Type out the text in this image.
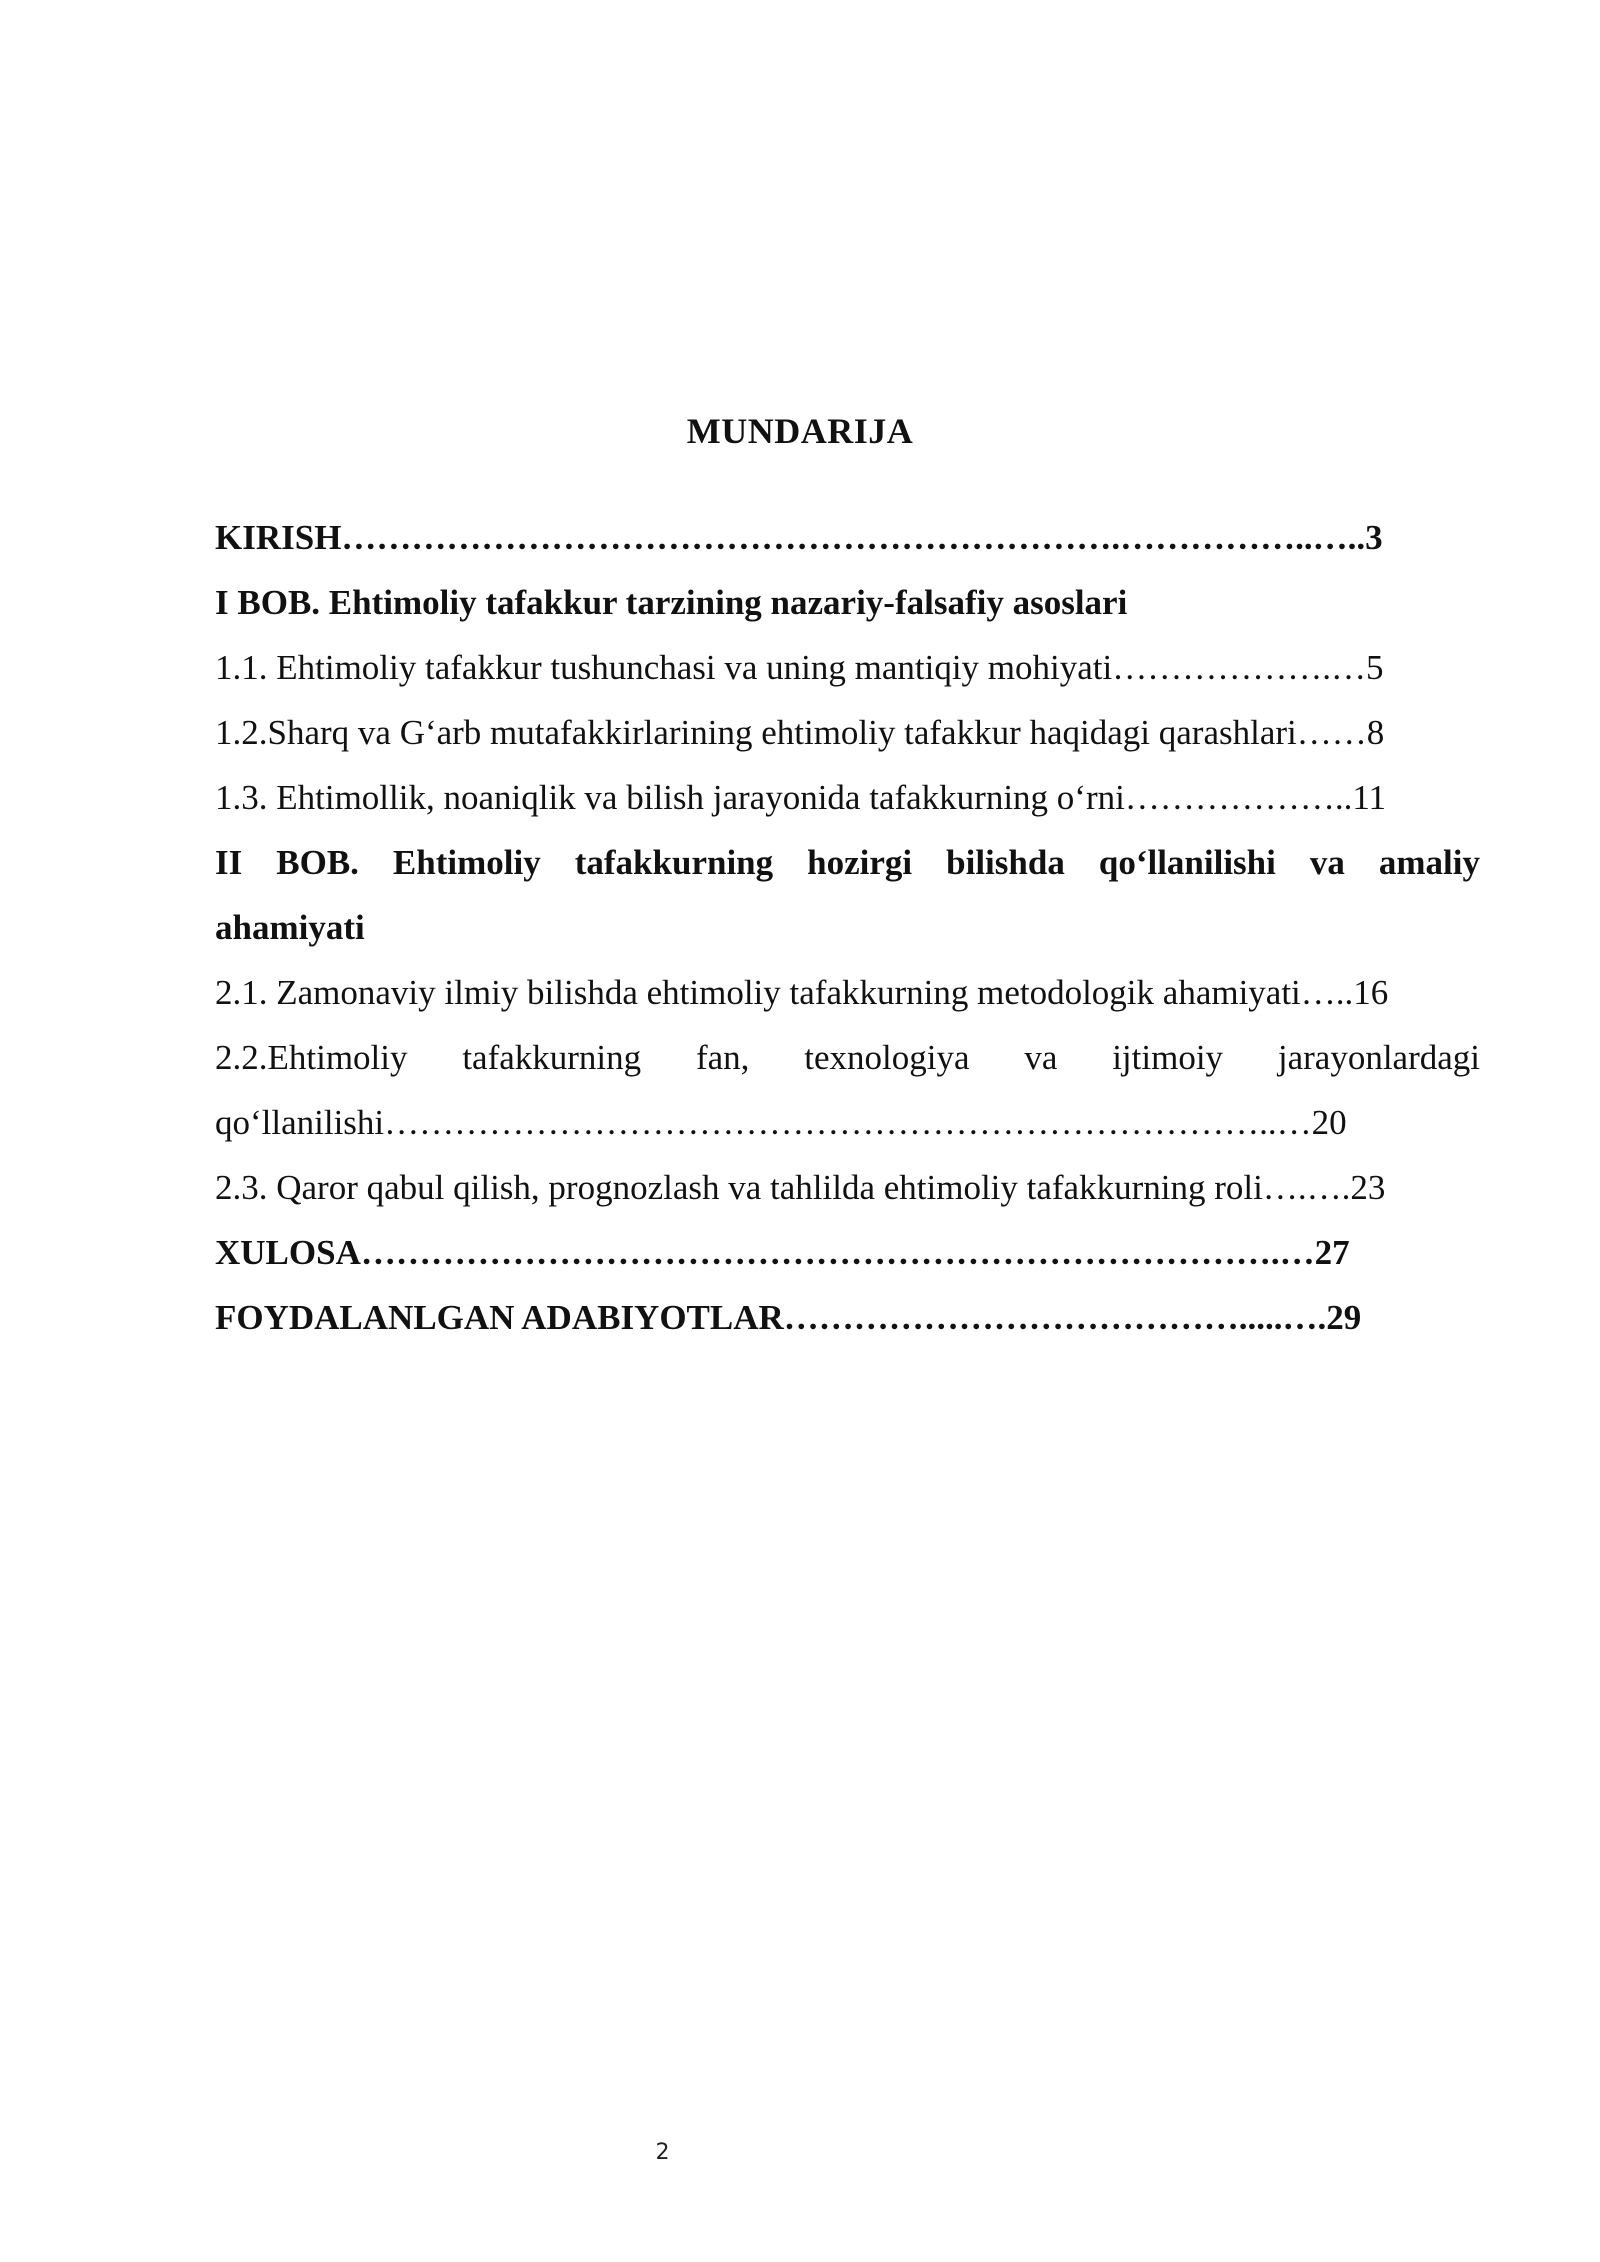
MUNDARIJA
KIRISH………………………………………………………….……………..…..3
I BOB. Ehtimoliy tafakkur tarzining nazariy-falsafiy asoslari
1.1. Ehtimoliy tafakkur tushunchasi va uning mantiqiy mohiyati……………….…5
1.2.Sharq va G‘arb mutafakkirlarining ehtimoliy tafakkur haqidagi qarashlari……8
1.3. Ehtimollik, noaniqlik va bilish jarayonida tafakkurning o‘rni………………..11
II BOB. Ehtimoliy tafakkurning hozirgi bilishda qo‘llanilishi va amaliy
ahamiyati
2.1. Zamonaviy ilmiy bilishda ehtimoliy tafakkurning metodologik ahamiyati…..16
2.2.Ehtimoliy tafakkurning fan, texnologiya va ijtimoiy jarayonlardagi
qo‘llanilishi…………………………………………………………………..…20
2.3. Qaror qabul qilish, prognozlash va tahlilda ehtimoliy tafakkurning roli….….23
XULOSA…………………………………………………………………….…27
FOYDALANLGAN ADABIYOTLAR………………………………….....….29
2
